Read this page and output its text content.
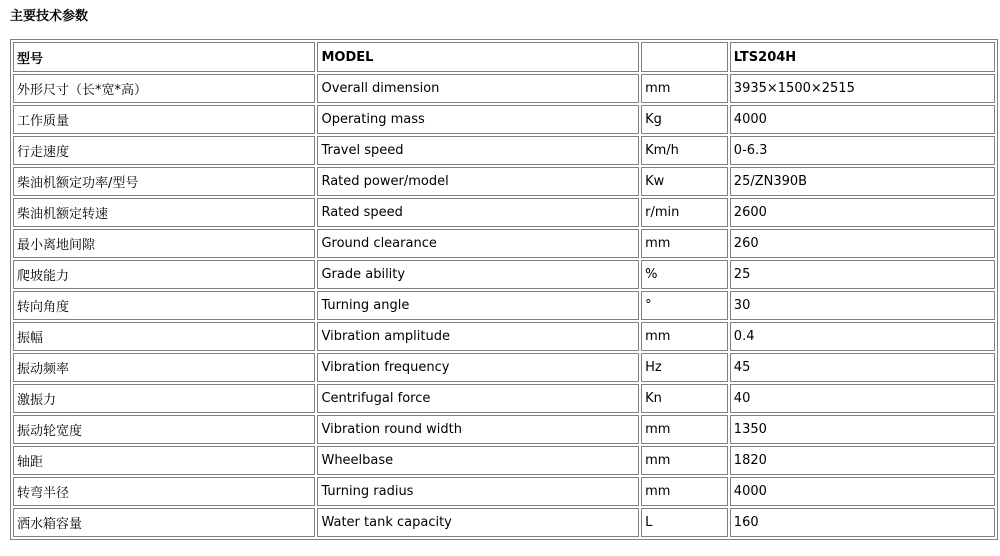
主要技术参数
型号	MODEL		LTS204H
外形尺寸（长*宽*高）	Overall dimension	mm	3935×1500×2515
工作质量	Operating mass	Kg	4000
行走速度	Travel speed	Km/h	0-6.3
柴油机额定功率/型号	Rated power/model	Kw	25/ZN390B
柴油机额定转速	Rated speed	r/min	2600
最小离地间隙	Ground clearance	mm	260
爬坡能力	Grade ability	%	25
转向角度	Turning angle	°	30
振幅	Vibration amplitude	mm	0.4
振动频率	Vibration frequency	Hz	45
激振力	Centrifugal force	Kn	40
振动轮宽度	Vibration round width	mm	1350
轴距	Wheelbase	mm	1820
转弯半径	Turning radius	mm	4000
洒水箱容量	Water tank capacity	L	160
